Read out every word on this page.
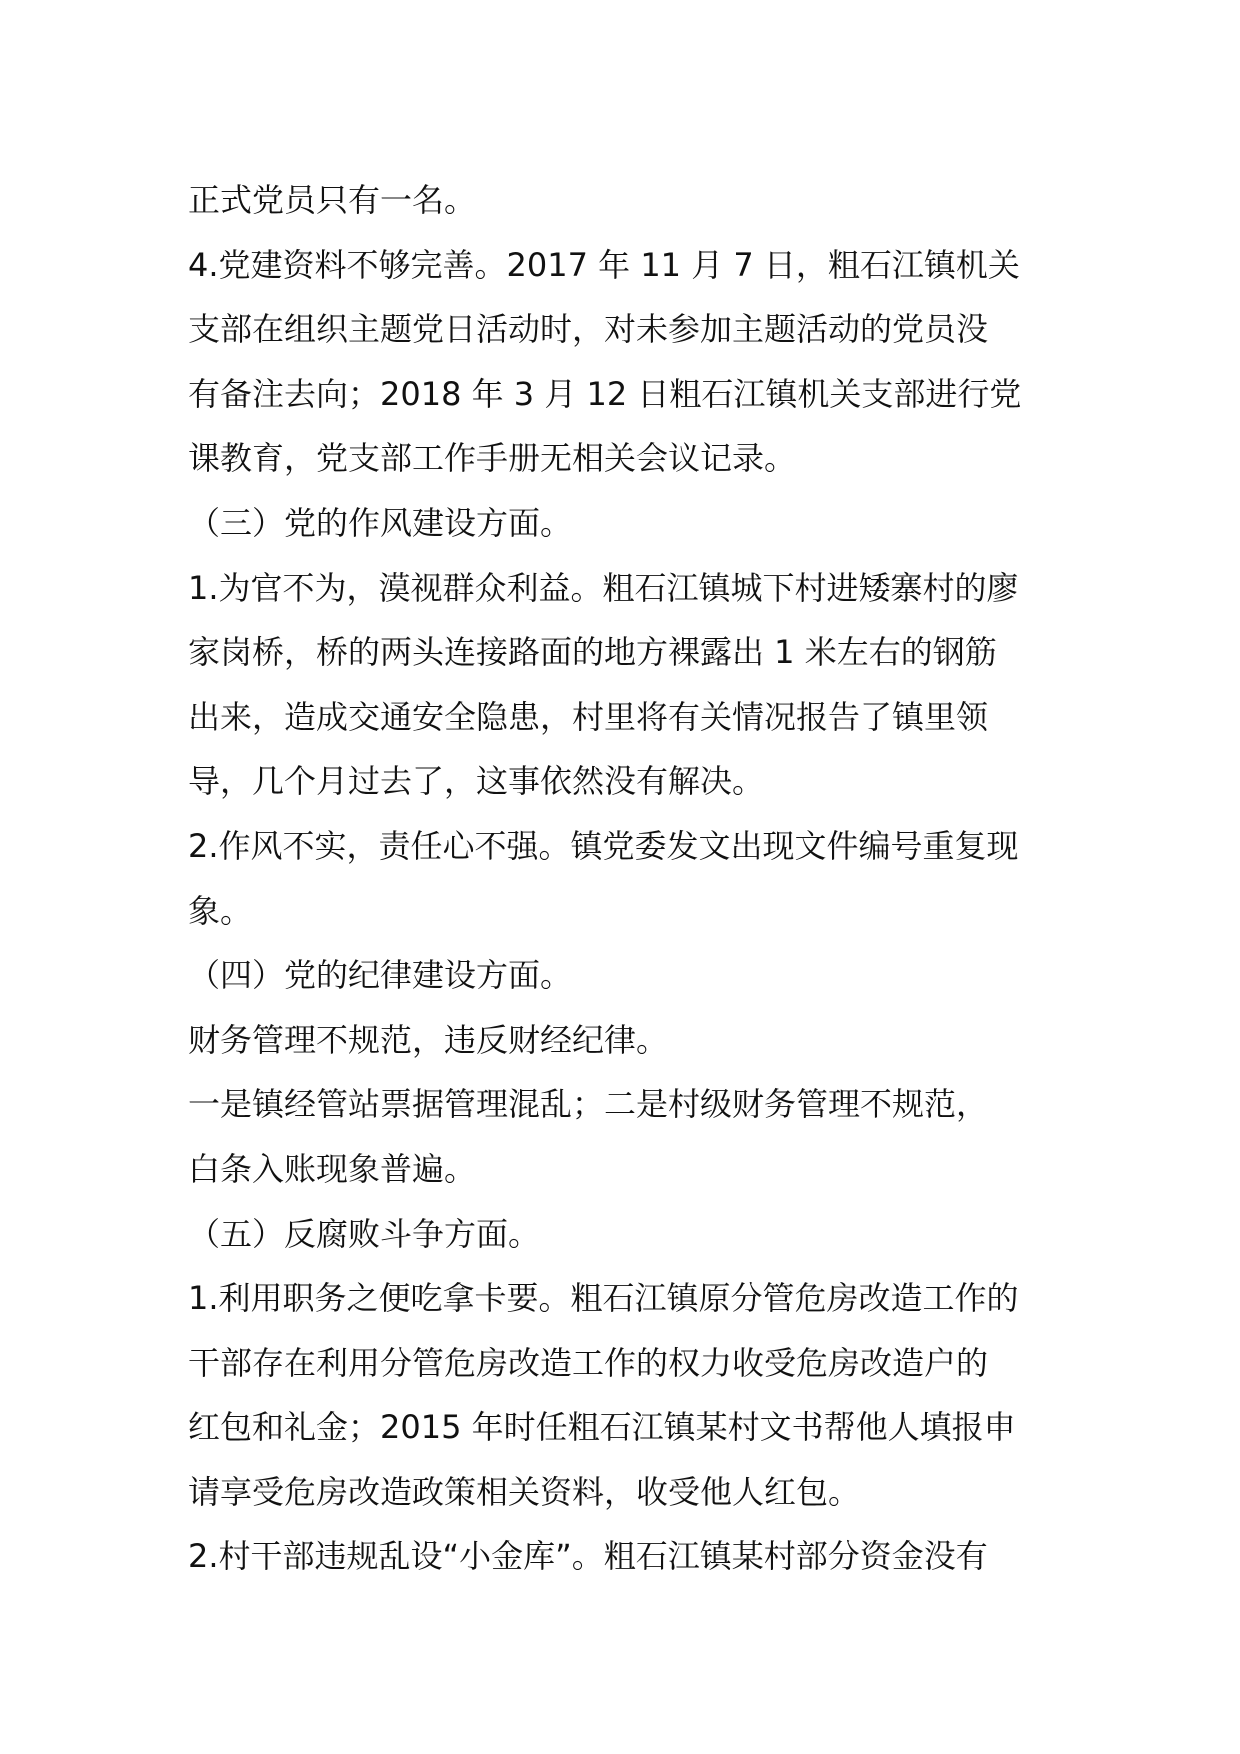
正式党员只有一名。
4.党建资料不够完善。2017 年 11 月 7 日，粗石江镇机关
支部在组织主题党日活动时，对未参加主题活动的党员没
有备注去向；2018 年 3 月 12 日粗石江镇机关支部进行党
课教育，党支部工作手册无相关会议记录。
（三）党的作风建设方面。
1.为官不为，漠视群众利益。粗石江镇城下村进矮寨村的廖
家岗桥，桥的两头连接路面的地方裸露出 1 米左右的钢筋
出来，造成交通安全隐患，村里将有关情况报告了镇里领
导，几个月过去了，这事依然没有解决。
2.作风不实，责任心不强。镇党委发文出现文件编号重复现
象。
（四）党的纪律建设方面。
财务管理不规范，违反财经纪律。
一是镇经管站票据管理混乱；二是村级财务管理不规范，
白条入账现象普遍。
（五）反腐败斗争方面。
1.利用职务之便吃拿卡要。粗石江镇原分管危房改造工作的
干部存在利用分管危房改造工作的权力收受危房改造户的
红包和礼金；2015 年时任粗石江镇某村文书帮他人填报申
请享受危房改造政策相关资料，收受他人红包。
2.村干部违规乱设“小金库”。粗石江镇某村部分资金没有
